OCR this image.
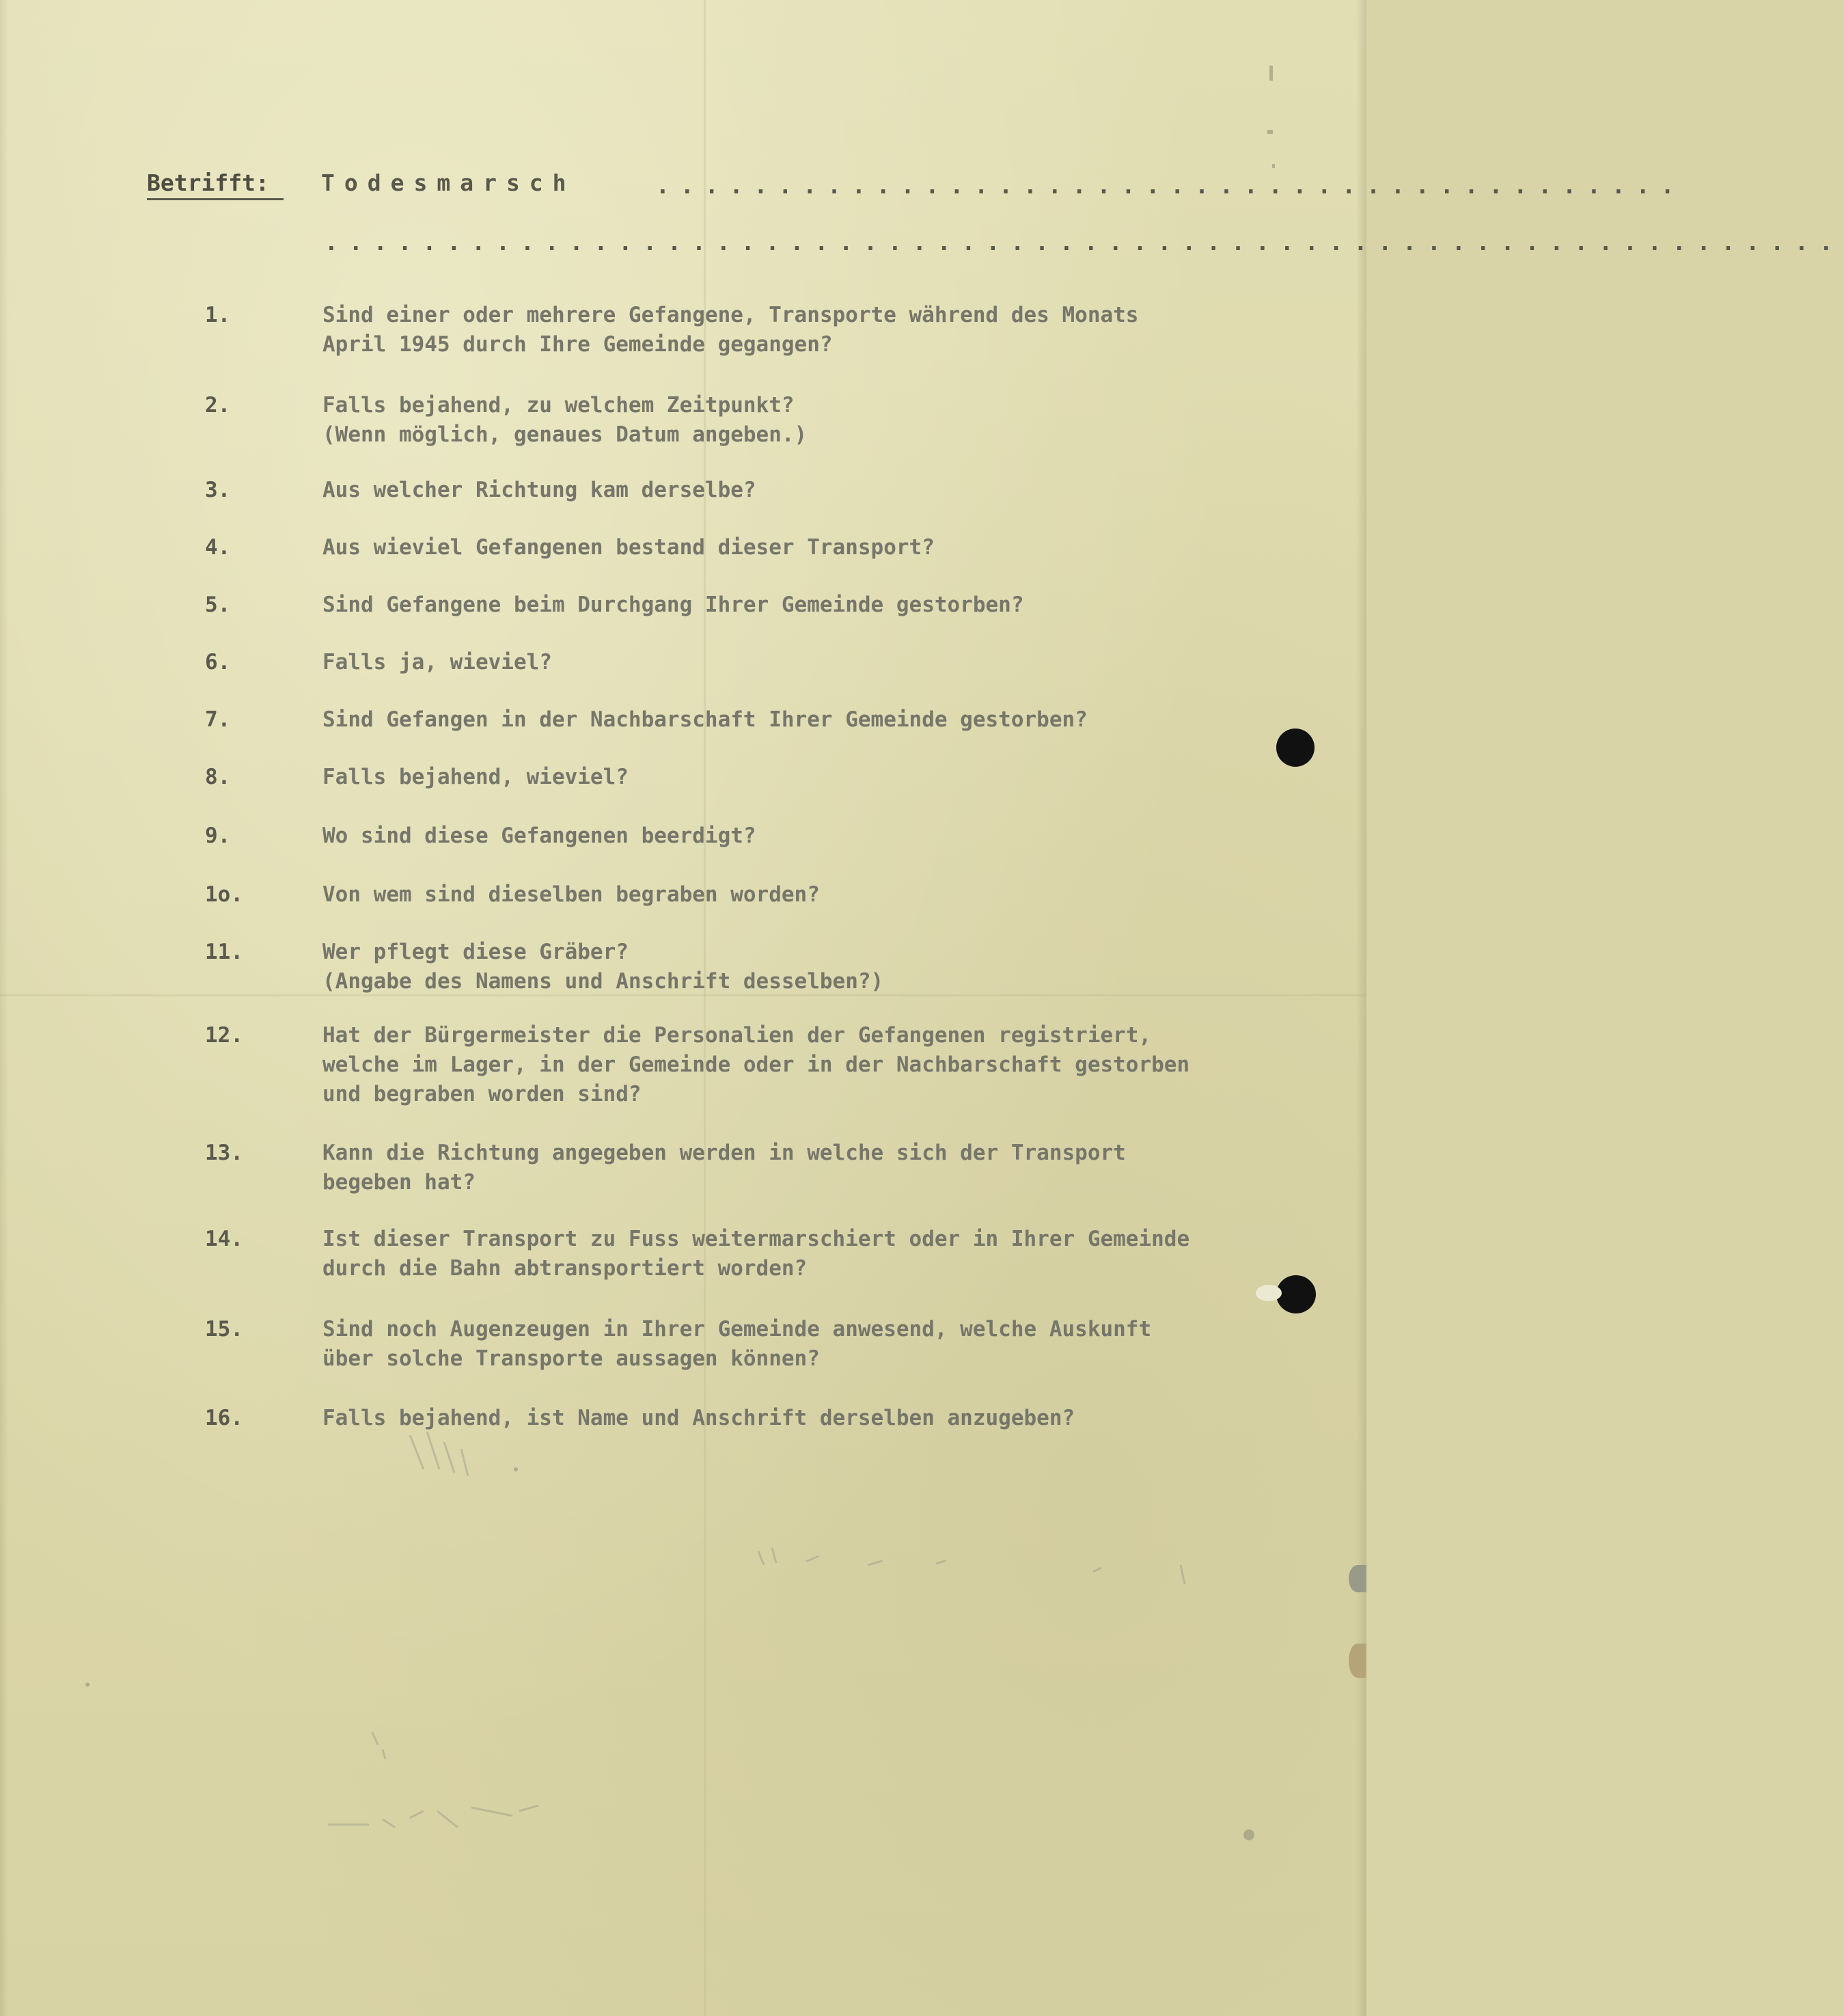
Betrifft: Todesmarsch	..........................................
..............................................................
1.	Sind einer oder mehrere Gefangene, Transporte während des Monats
April 1945 durch Ihre Gemeinde gegangen?
2.	Falls bejahend, zu welchem Zeitpunkt?
(Wenn möglich, genaues Datum angeben.)
3.	Aus welcher Richtung kam derselbe?
4.	Aus wieviel Gefangenen bestand dieser Transport?
5.	Sind Gefangene beim Durchgang Ihrer Gemeinde gestorben?
6.	Falls ja, wieviel?
7.	Sind Gefangen in der Nachbarschaft Ihrer Gemeinde gestorben?
8.	Falls bejahend, wieviel?
9.	Wo sind diese Gefangenen beerdigt?
1o.	Von wem sind dieselben begraben worden?
11.	Wer pflegt diese Gräber?
(Angabe des Namens und Anschrift desselben?)
12.	Hat der Bürgermeister die Personalien der Gefangenen registriert,
welche im Lager, in der Gemeinde oder in der Nachbarschaft gestorben
und begraben worden sind?
13.	Kann die Richtung angegeben werden in welche sich der Transport
begeben hat?
14.	Ist dieser Transport zu Fuss weitermarschiert oder in Ihrer Gemeinde
durch die Bahn abtransportiert worden?
15.	Sind noch Augenzeugen in Ihrer Gemeinde anwesend, welche Auskunft
über solche Transporte aussagen können?
16.	Falls bejahend, ist Name und Anschrift derselben anzugeben?
